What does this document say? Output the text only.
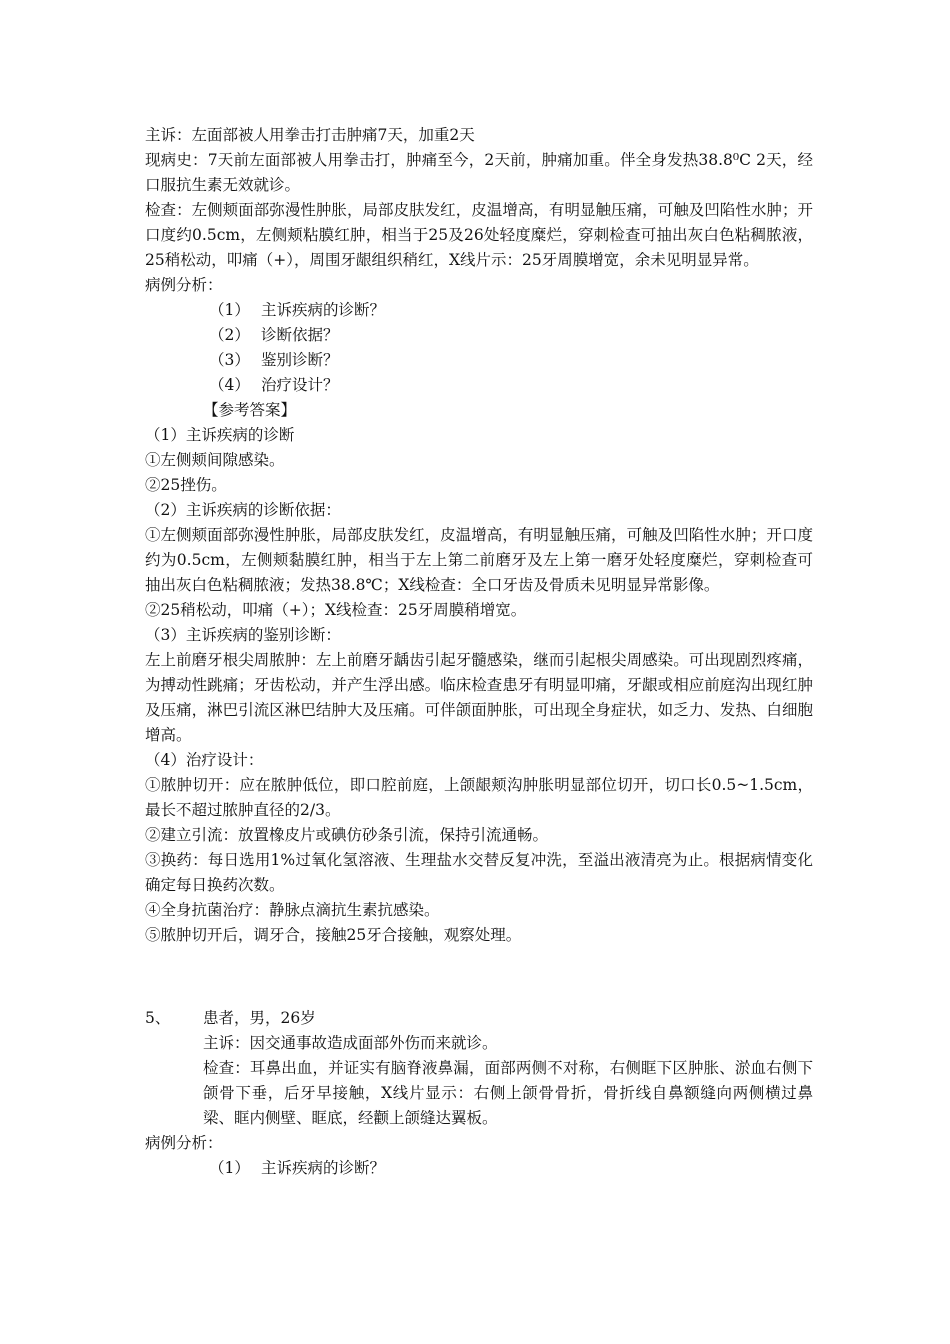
主诉：左面部被人用拳击打击肿痛7天，加重2天

现病史：7天前左面部被人用拳击打，肿痛至今，2天前，肿痛加重。伴全身发热38.8⁰C 2天，经口服抗生素无效就诊。

检查：左侧颊面部弥漫性肿胀，局部皮肤发红，皮温增高，有明显触压痛，可触及凹陷性水肿；开口度约0.5cm，左侧颊粘膜红肿，相当于25及26处轻度糜烂，穿刺检查可抽出灰白色粘稠脓液，25稍松动，叩痛（+），周围牙龈组织稍红，X线片示：25牙周膜增宽，余未见明显异常。

病例分析：

（1） 主诉疾病的诊断？

（2） 诊断依据？

（3） 鉴别诊断？

（4） 治疗设计？

【参考答案】

（1）主诉疾病的诊断

①左侧颊间隙感染。

②25挫伤。

（2）主诉疾病的诊断依据：

①左侧颊面部弥漫性肿胀，局部皮肤发红，皮温增高，有明显触压痛，可触及凹陷性水肿；开口度约为0.5cm，左侧颊黏膜红肿，相当于左上第二前磨牙及左上第一磨牙处轻度糜烂，穿刺检查可抽出灰白色粘稠脓液；发热38.8℃；X线检查：全口牙齿及骨质未见明显异常影像。

②25稍松动，叩痛（+）；X线检查：25牙周膜稍增宽。

（3）主诉疾病的鉴别诊断：

左上前磨牙根尖周脓肿：左上前磨牙龋齿引起牙髓感染，继而引起根尖周感染。可出现剧烈疼痛，为搏动性跳痛；牙齿松动，并产生浮出感。临床检查患牙有明显叩痛，牙龈或相应前庭沟出现红肿及压痛，淋巴引流区淋巴结肿大及压痛。可伴颌面肿胀，可出现全身症状，如乏力、发热、白细胞增高。

（4）治疗设计：

①脓肿切开：应在脓肿低位，即口腔前庭，上颌龈颊沟肿胀明显部位切开，切口长0.5~1.5cm，最长不超过脓肿直径的2/3。

②建立引流：放置橡皮片或碘仿砂条引流，保持引流通畅。

③换药：每日选用1%过氧化氢溶液、生理盐水交替反复冲洗，至溢出液清亮为止。根据病情变化确定每日换药次数。

④全身抗菌治疗：静脉点滴抗生素抗感染。

⑤脓肿切开后，调牙合，接触25牙合接触，观察处理。

5、 患者，男，26岁

主诉：因交通事故造成面部外伤而来就诊。

检查：耳鼻出血，并证实有脑脊液鼻漏，面部两侧不对称，右侧眶下区肿胀、淤血右侧下颌骨下垂，后牙早接触，X线片显示：右侧上颌骨骨折，骨折线自鼻额缝向两侧横过鼻梁、眶内侧壁、眶底，经颧上颌缝达翼板。

病例分析：

（1） 主诉疾病的诊断？
